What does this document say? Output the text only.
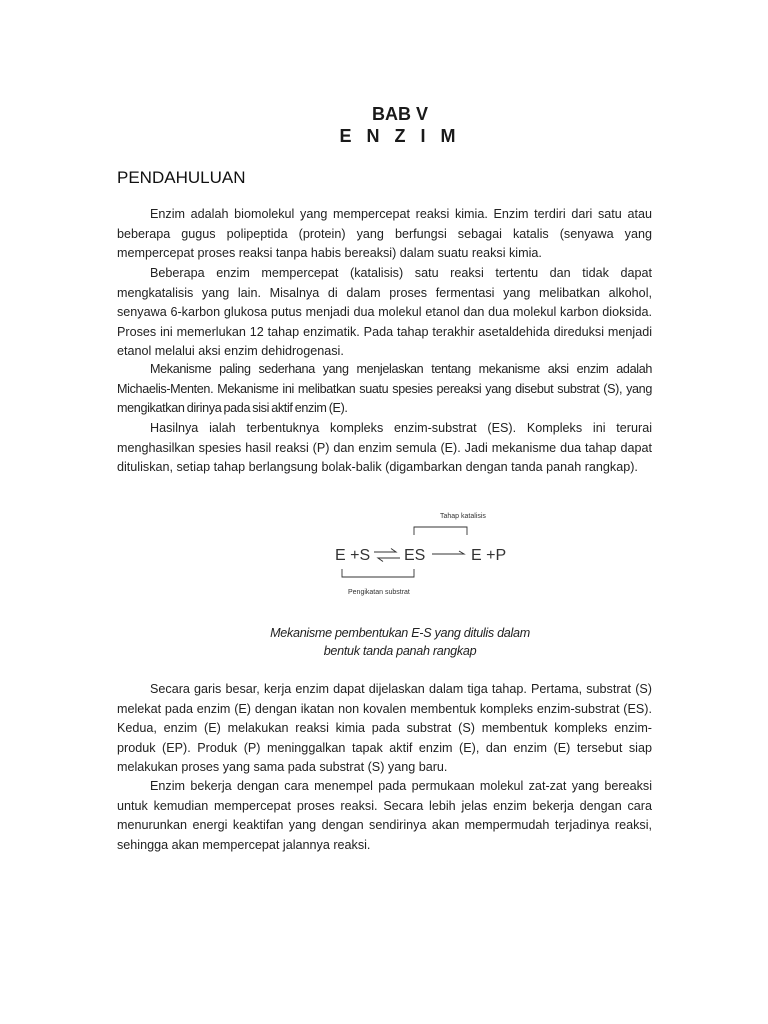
BAB V
E N Z I M
PENDAHULUAN

Enzim adalah biomolekul yang mempercepat reaksi kimia. Enzim terdiri dari satu atau beberapa gugus polipeptida (protein) yang berfungsi sebagai katalis (senyawa yang mempercepat proses reaksi tanpa habis bereaksi) dalam suatu reaksi kimia.

Beberapa enzim mempercepat (katalisis) satu reaksi tertentu dan tidak dapat mengkatalisis yang lain. Misalnya di dalam proses fermentasi yang melibatkan alkohol, senyawa 6-karbon glukosa putus menjadi dua molekul etanol dan dua molekul karbon dioksida. Proses ini memerlukan 12 tahap enzimatik. Pada tahap terakhir asetaldehida direduksi menjadi etanol melalui aksi enzim dehidrogenasi.

Mekanisme paling sederhana yang menjelaskan tentang mekanisme aksi enzim adalah Michaelis-Menten. Mekanisme ini melibatkan suatu spesies pereaksi yang disebut substrat (S), yang mengikatkan dirinya pada sisi aktif enzim (E).

Hasilnya ialah terbentuknya kompleks enzim-substrat (ES). Kompleks ini terurai menghasilkan spesies hasil reaksi (P) dan enzim semula (E). Jadi mekanisme dua tahap dapat dituliskan, setiap tahap berlangsung bolak-balik (digambarkan dengan tanda panah rangkap).

Tahap katalisis
E +S ES	E +P
Pengikatan substrat
Mekanisme pembentukan E-S yang ditulis dalam
bentuk tanda panah rangkap

Secara garis besar, kerja enzim dapat dijelaskan dalam tiga tahap. Pertama, substrat (S) melekat pada enzim (E) dengan ikatan non kovalen membentuk kompleks enzim-substrat (ES). Kedua, enzim (E) melakukan reaksi kimia pada substrat (S) membentuk kompleks enzim-produk (EP). Produk (P) meninggalkan tapak aktif enzim (E), dan enzim (E) tersebut siap melakukan proses yang sama pada substrat (S) yang baru.

Enzim bekerja dengan cara menempel pada permukaan molekul zat-zat yang bereaksi untuk kemudian mempercepat proses reaksi. Secara lebih jelas enzim bekerja dengan cara menurunkan energi keaktifan yang dengan sendirinya akan mempermudah terjadinya reaksi, sehingga akan mempercepat jalannya reaksi.
